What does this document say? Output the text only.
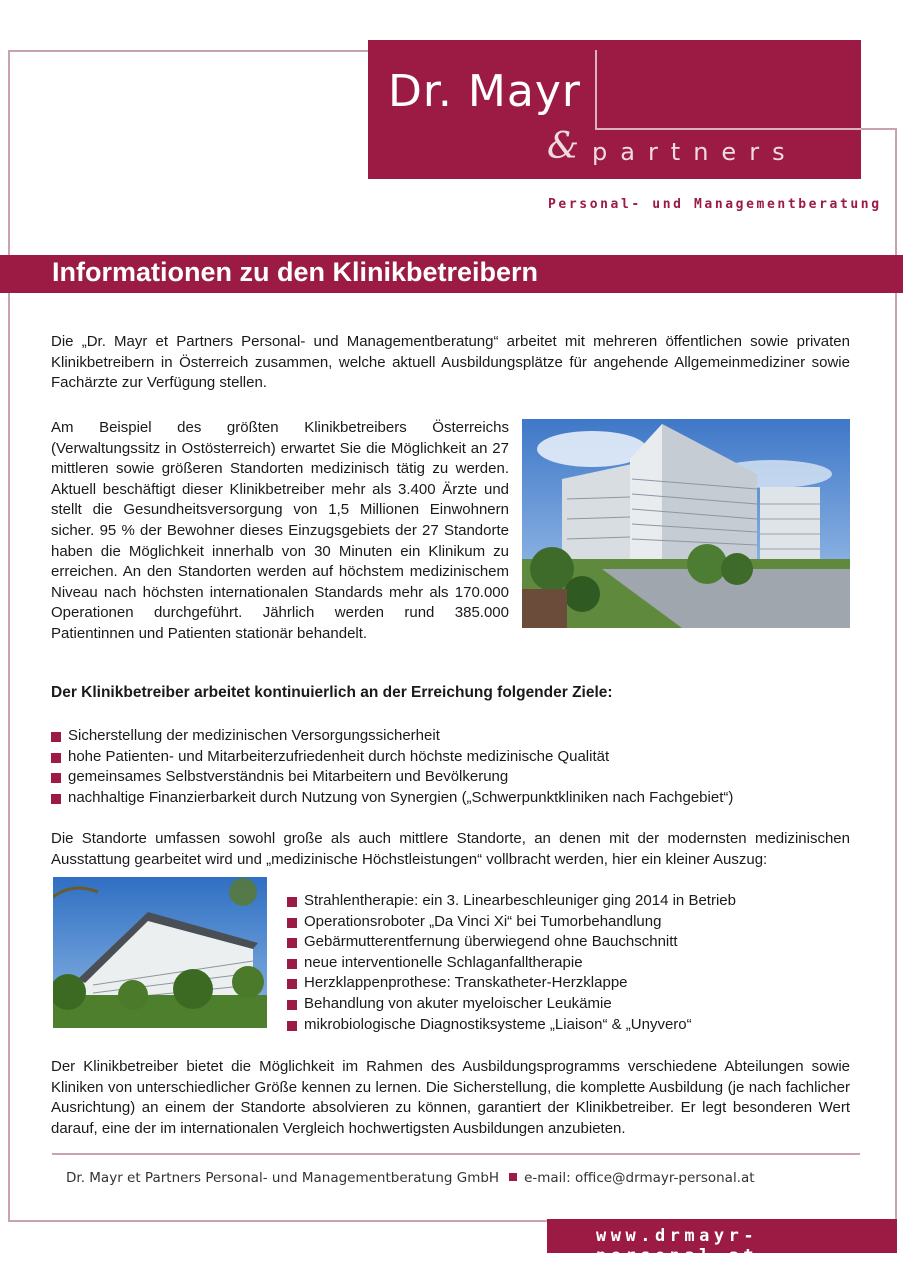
Dr. Mayr
& partners
Personal- und Managementberatung
Informationen zu den Klinikbetreibern
Die „Dr. Mayr et Partners Personal- und Managementberatung“ arbeitet mit mehreren öffentlichen sowie privaten Klinikbetreibern in Österreich zusammen, welche aktuell Ausbildungsplätze für angehende Allgemeinmediziner sowie Fachärzte zur Verfügung stellen.
Am Beispiel des größten Klinikbetreibers Österreichs (Verwaltungssitz in Ostösterreich) erwartet Sie die Möglichkeit an 27 mittleren sowie größeren Standorten medizinisch tätig zu werden. Aktuell beschäftigt dieser Klinikbetreiber mehr als 3.400 Ärzte und stellt die Gesundheitsversorgung von 1,5 Millionen Einwohnern sicher. 95 % der Bewohner dieses Einzugsgebiets der 27 Standorte haben die Möglichkeit innerhalb von 30 Minuten ein Klinikum zu erreichen. An den Standorten werden auf höchstem medizinischem Niveau nach höchsten internationalen Standards mehr als 170.000 Operationen durchgeführt. Jährlich werden rund 385.000 Patientinnen und Patienten stationär behandelt.
Der Klinikbetreiber arbeitet kontinuierlich an der Erreichung folgender Ziele:
Sicherstellung der medizinischen Versorgungssicherheit
hohe Patienten- und Mitarbeiterzufriedenheit durch höchste medizinische Qualität
gemeinsames Selbstverständnis bei Mitarbeitern und Bevölkerung
nachhaltige Finanzierbarkeit durch Nutzung von Synergien („Schwerpunktkliniken nach Fachgebiet“)
Die Standorte umfassen sowohl große als auch mittlere Standorte, an denen mit der modernsten medizinischen Ausstattung gearbeitet wird und „medizinische Höchstleistungen“ vollbracht werden, hier ein kleiner Auszug:
Strahlentherapie: ein 3. Linearbeschleuniger ging 2014 in Betrieb
Operationsroboter „Da Vinci Xi“ bei Tumorbehandlung
Gebärmutterentfernung überwiegend ohne Bauchschnitt
neue interventionelle Schlaganfalltherapie
Herzklappenprothese: Transkatheter-Herzklappe
Behandlung von akuter myeloischer Leukämie
mikrobiologische Diagnostiksysteme „Liaison“ & „Unyvero“
Der Klinikbetreiber bietet die Möglichkeit im Rahmen des Ausbildungsprogramms verschiedene Abteilungen sowie Kliniken von unterschiedlicher Größe kennen zu lernen. Die Sicherstellung, die komplette Ausbildung (je nach fachlicher Ausrichtung) an einem der Standorte absolvieren zu können, garantiert der Klinikbetreiber. Er legt besonderen Wert darauf, eine der im internationalen Vergleich hochwertigsten Ausbildungen anzubieten.
Dr. Mayr et Partners Personal- und Managementberatung GmbH e-mail: office@drmayr-personal.at
www.drmayr-personal.at
